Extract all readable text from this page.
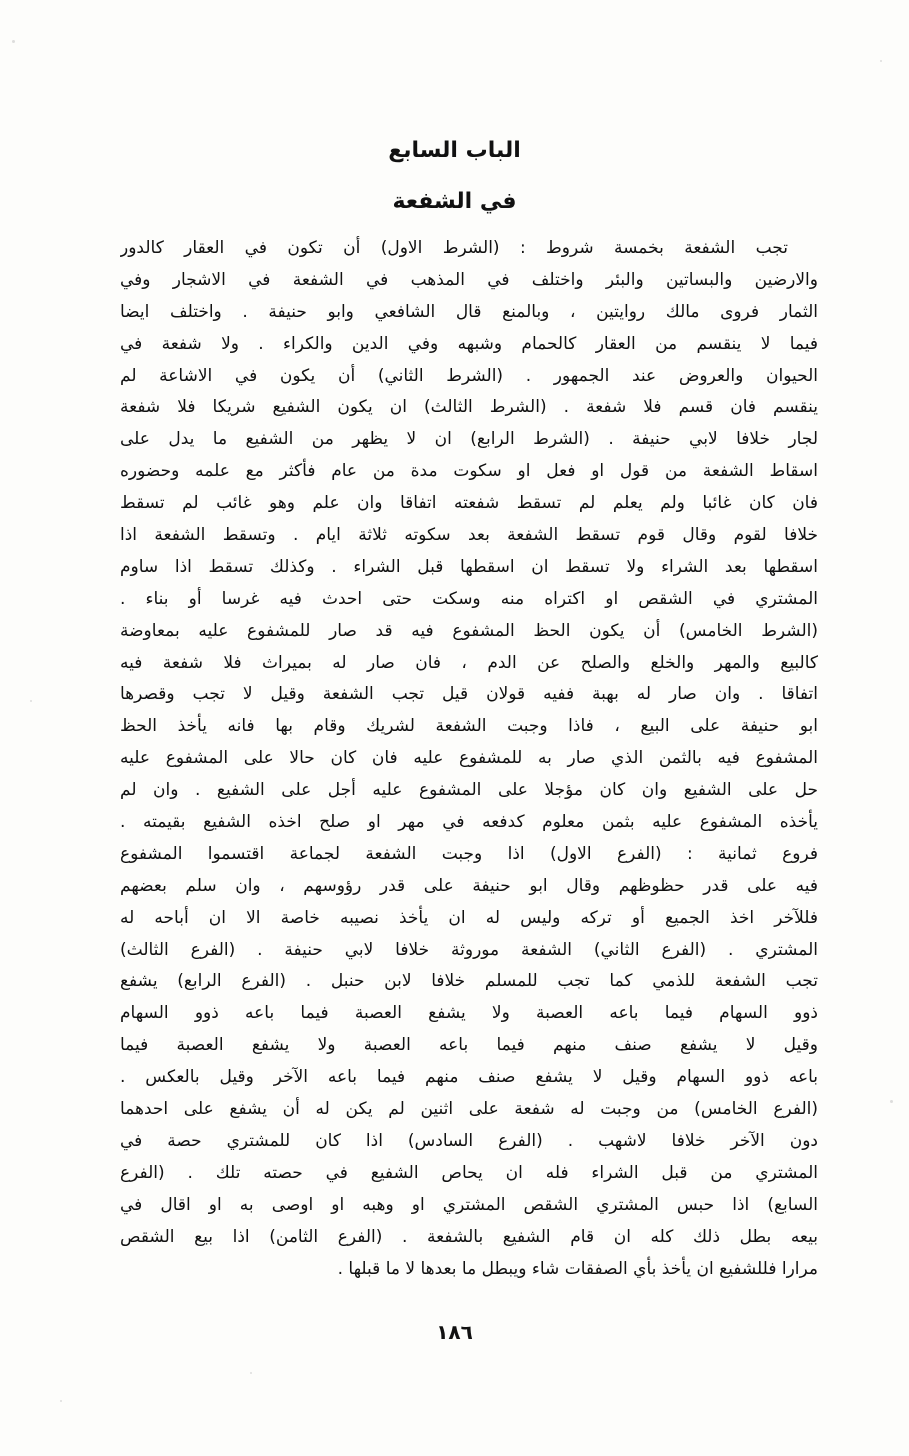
الباب السابع
في الشفعة
تجب الشفعة بخمسة شروط : (الشرط الاول) أن تكون في العقار كالدور
والارضين والبساتين والبئر واختلف في المذهب في الشفعة في الاشجار وفي
الثمار فروى مالك روايتين ، وبالمنع قال الشافعي وابو حنيفة . واختلف ايضا
فيما لا ينقسم من العقار كالحمام وشبهه وفي الدين والكراء . ولا شفعة في
الحيوان والعروض عند الجمهور . (الشرط الثاني) أن يكون في الاشاعة لم
ينقسم فان قسم فلا شفعة . (الشرط الثالث) ان يكون الشفيع شريكا فلا شفعة
لجار خلافا لابي حنيفة . (الشرط الرابع) ان لا يظهر من الشفيع ما يدل على
اسقاط الشفعة من قول او فعل او سكوت مدة من عام فأكثر مع علمه وحضوره
فان كان غائبا ولم يعلم لم تسقط شفعته اتفاقا وان علم وهو غائب لم تسقط
خلافا لقوم وقال قوم تسقط الشفعة بعد سكوته ثلاثة ايام . وتسقط الشفعة اذا
اسقطها بعد الشراء ولا تسقط ان اسقطها قبل الشراء . وكذلك تسقط اذا ساوم
المشتري في الشقص او اكتراه منه وسكت حتى احدث فيه غرسا أو بناء .
(الشرط الخامس) أن يكون الحظ المشفوع فيه قد صار للمشفوع عليه بمعاوضة
كالبيع والمهر والخلع والصلح عن الدم ، فان صار له بميراث فلا شفعة فيه
اتفاقا . وان صار له بهبة ففيه قولان قيل تجب الشفعة وقيل لا تجب وقصرها
ابو حنيفة على البيع ، فاذا وجبت الشفعة لشريك وقام بها فانه يأخذ الحظ
المشفوع فيه بالثمن الذي صار به للمشفوع عليه فان كان حالا على المشفوع عليه
حل على الشفيع وان كان مؤجلا على المشفوع عليه أجل على الشفيع . وان لم
يأخذه المشفوع عليه بثمن معلوم كدفعه في مهر او صلح اخذه الشفيع بقيمته .
فروع ثمانية : (الفرع الاول) اذا وجبت الشفعة لجماعة اقتسموا المشفوع
فيه على قدر حظوظهم وقال ابو حنيفة على قدر رؤوسهم ، وان سلم بعضهم
فللآخر اخذ الجميع أو تركه وليس له ان يأخذ نصيبه خاصة الا ان أباحه له
المشتري . (الفرع الثاني) الشفعة موروثة خلافا لابي حنيفة . (الفرع الثالث)
تجب الشفعة للذمي كما تجب للمسلم خلافا لابن حنبل . (الفرع الرابع) يشفع
ذوو السهام فيما باعه العصبة ولا يشفع العصبة فيما باعه ذوو السهام
وقيل لا يشفع صنف منهم فيما باعه العصبة ولا يشفع العصبة فيما
باعه ذوو السهام وقيل لا يشفع صنف منهم فيما باعه الآخر وقيل بالعكس .
(الفرع الخامس) من وجبت له شفعة على اثنين لم يكن له أن يشفع على احدهما
دون الآخر خلافا لاشهب . (الفرع السادس) اذا كان للمشتري حصة في
المشتري من قبل الشراء فله ان يحاص الشفيع في حصته تلك . (الفرع
السابع) اذا حبس المشتري الشقص المشتري او وهبه او اوصى به او اقال في
بيعه بطل ذلك كله ان قام الشفيع بالشفعة . (الفرع الثامن) اذا بيع الشقص
مرارا فللشفيع ان يأخذ بأي الصفقات شاء ويبطل ما بعدها لا ما قبلها .
١٨٦
